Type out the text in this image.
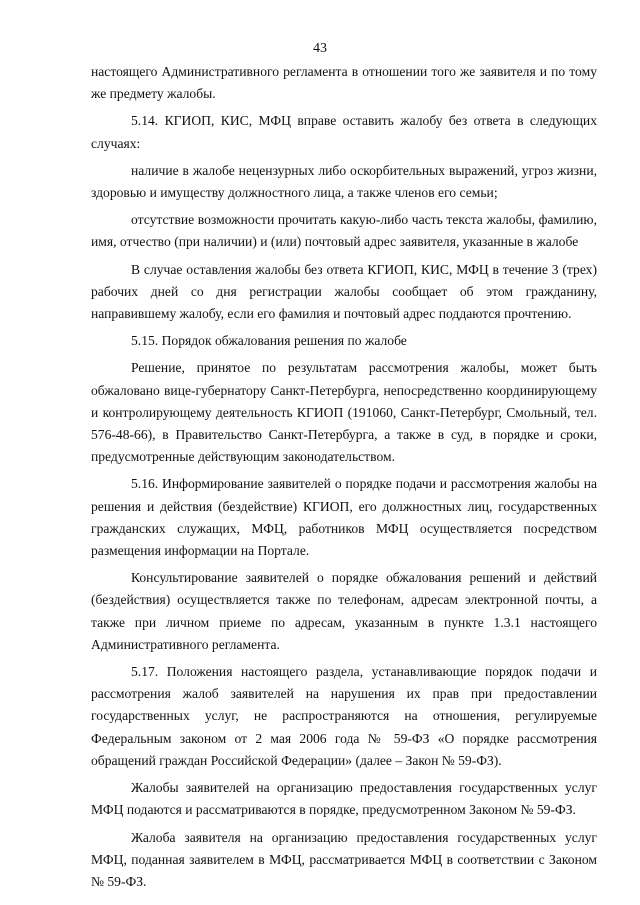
43

настоящего Административного регламента в отношении того же заявителя и по тому же предмету жалобы.

5.14. КГИОП, КИС, МФЦ вправе оставить жалобу без ответа в следующих случаях:

наличие в жалобе нецензурных либо оскорбительных выражений, угроз жизни, здоровью и имуществу должностного лица, а также членов его семьи;

отсутствие возможности прочитать какую-либо часть текста жалобы, фамилию, имя, отчество (при наличии) и (или) почтовый адрес заявителя, указанные в жалобе

В случае оставления жалобы без ответа КГИОП, КИС, МФЦ в течение 3 (трех) рабочих дней со дня регистрации жалобы сообщает об этом гражданину, направившему жалобу, если его фамилия и почтовый адрес поддаются прочтению.

5.15. Порядок обжалования решения по жалобе

Решение, принятое по результатам рассмотрения жалобы, может быть обжаловано вице-губернатору Санкт-Петербурга, непосредственно координирующему и контролирующему деятельность КГИОП (191060, Санкт-Петербург, Смольный, тел. 576-48-66), в Правительство Санкт-Петербурга, а также в суд, в порядке и сроки, предусмотренные действующим законодательством.

5.16. Информирование заявителей о порядке подачи и рассмотрения жалобы на решения и действия (бездействие) КГИОП, его должностных лиц, государственных гражданских служащих, МФЦ, работников МФЦ осуществляется посредством размещения информации на Портале.

Консультирование заявителей о порядке обжалования решений и действий (бездействия) осуществляется также по телефонам, адресам электронной почты, а также при личном приеме по адресам, указанным в пункте 1.3.1 настоящего Административного регламента.

5.17. Положения настоящего раздела, устанавливающие порядок подачи и рассмотрения жалоб заявителей на нарушения их прав при предоставлении государственных услуг, не распространяются на отношения, регулируемые Федеральным законом от 2 мая 2006 года № 59-ФЗ «О порядке рассмотрения обращений граждан Российской Федерации» (далее – Закон № 59-ФЗ).

Жалобы заявителей на организацию предоставления государственных услуг МФЦ подаются и рассматриваются в порядке, предусмотренном Законом № 59-ФЗ.

Жалоба заявителя на организацию предоставления государственных услуг МФЦ, поданная заявителем в МФЦ, рассматривается МФЦ в соответствии с Законом № 59-ФЗ.
